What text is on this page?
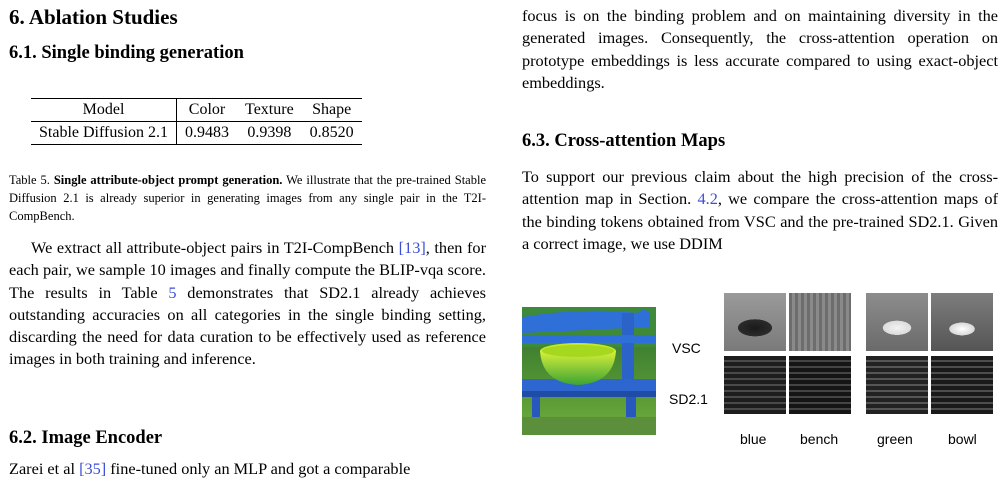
6. Ablation Studies
6.1. Single binding generation
Model	Color	Texture	Shape
Stable Diffusion 2.1	0.9483	0.9398	0.8520

Table 5. Single attribute-object prompt generation. We illustrate that the pre-trained Stable Diffusion 2.1 is already superior in generating images from any single pair in the T2I-CompBench.

We extract all attribute-object pairs in T2I-CompBench [13], then for each pair, we sample 10 images and finally compute the BLIP-vqa score. The results in Table 5 demonstrates that SD2.1 already achieves outstanding accuracies on all categories in the single binding setting, discarding the need for data curation to be effectively used as reference images in both training and inference.

6.2. Image Encoder

Zarei et al [35] fine-tuned only an MLP and got a comparable

focus is on the binding problem and on maintaining diversity in the generated images. Consequently, the cross-attention operation on prototype embeddings is less accurate compared to using exact-object embeddings.

6.3. Cross-attention Maps

To support our previous claim about the high precision of the cross-attention map in Section. 4.2, we compare the cross-attention maps of the binding tokens obtained from VSC and the pre-trained SD2.1. Given a correct image, we use DDIM

VSC
SD2.1
blue bench	green	bowl
